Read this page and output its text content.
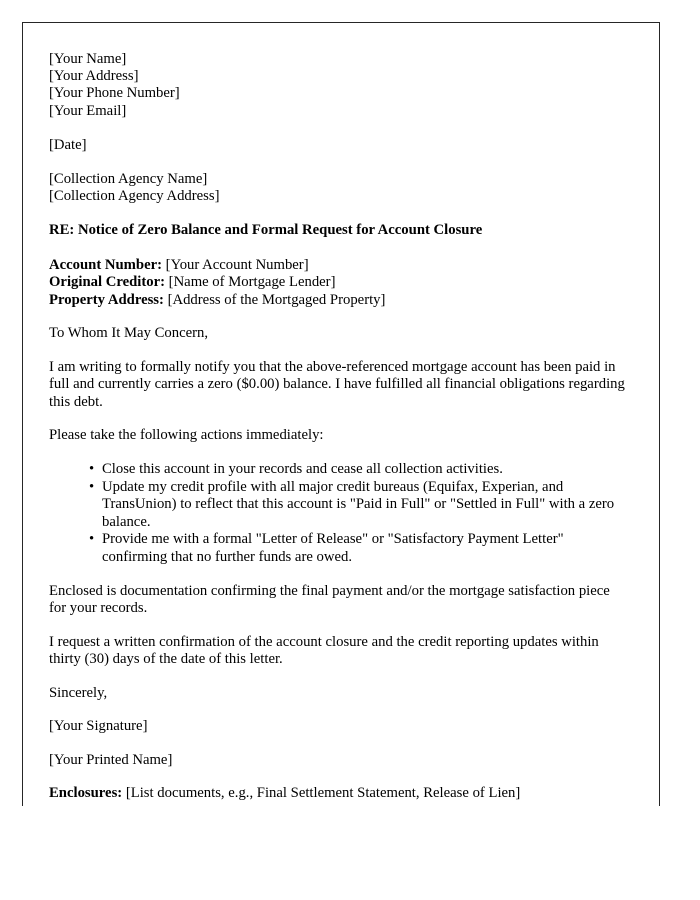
[Your Name]
[Your Address]
[Your Phone Number]
[Your Email]
[Date]
[Collection Agency Name]
[Collection Agency Address]
RE: Notice of Zero Balance and Formal Request for Account Closure
Account Number: [Your Account Number]
Original Creditor: [Name of Mortgage Lender]
Property Address: [Address of the Mortgaged Property]
To Whom It May Concern,
I am writing to formally notify you that the above-referenced mortgage account has been paid in full and currently carries a zero ($0.00) balance. I have fulfilled all financial obligations regarding this debt.
Please take the following actions immediately:
• Close this account in your records and cease all collection activities.
• Update my credit profile with all major credit bureaus (Equifax, Experian, and TransUnion) to reflect that this account is "Paid in Full" or "Settled in Full" with a zero balance.
• Provide me with a formal "Letter of Release" or "Satisfactory Payment Letter" confirming that no further funds are owed.
Enclosed is documentation confirming the final payment and/or the mortgage satisfaction piece for your records.
I request a written confirmation of the account closure and the credit reporting updates within thirty (30) days of the date of this letter.
Sincerely,
[Your Signature]
[Your Printed Name]
Enclosures: [List documents, e.g., Final Settlement Statement, Release of Lien]
